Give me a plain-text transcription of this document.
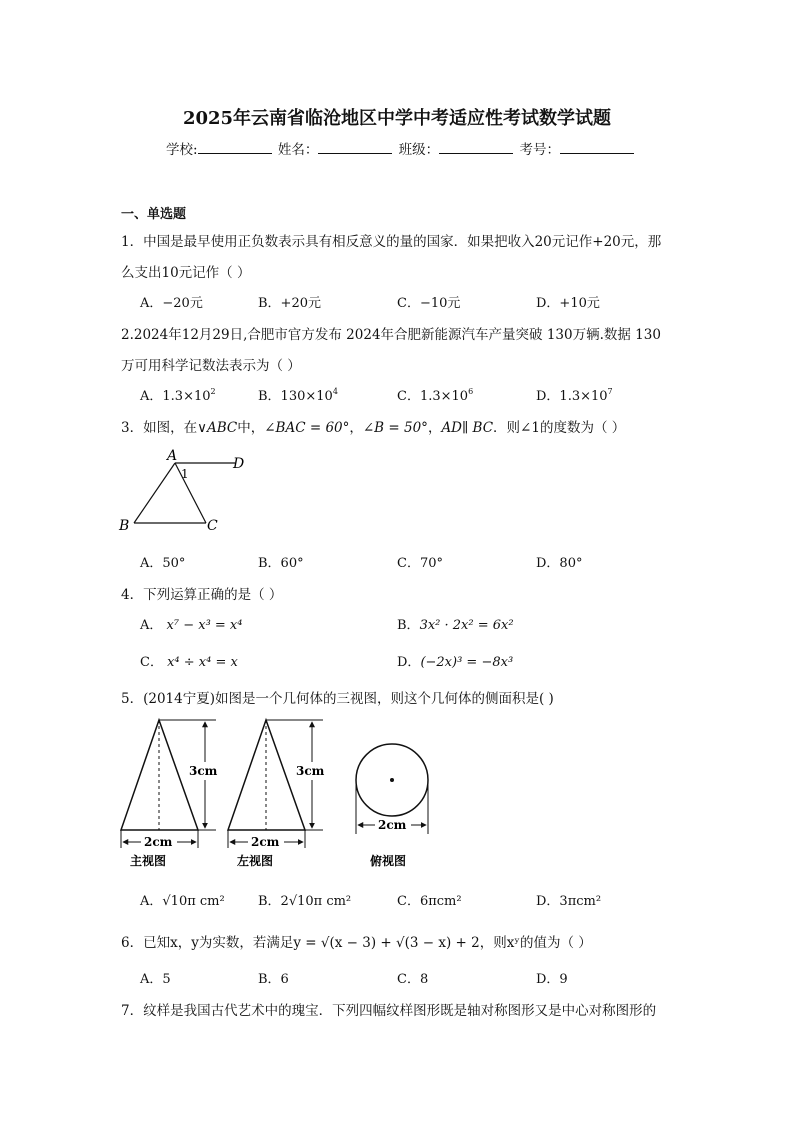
2025年云南省临沧地区中学中考适应性考试数学试题
学校:	姓名：	班级：	考号：
一、单选题
1．中国是最早使用正负数表示具有相反意义的量的国家．如果把收入20元记作+20元，那
么支出10元记作（ ）
A．−20元	B．+20元	C．−10元	D．+10元
2.2024年12月29日,合肥市官方发布 2024年合肥新能源汽车产量突破 130万辆.数据 130
万可用科学记数法表示为（ ）
A．$1.3\times 10^2$	B．$130\times 10^4$	C．$1.3\times 10^6$	D．$1.3\times 10^7$
3．如图，在∨ABC中，∠BAC = 60°，∠B = 50°，AD∥ BC．则∠1的度数为（ ）
A	D
B	C
1
A．50°	B．60°	C．70°	D．80°
4．下列运算正确的是（ ）
A． x⁷ − x³ = x⁴	B．3x² · 2x² = 6x²
C． x⁴ ÷ x⁴ = x	D．(−2x)³ = −8x³
5．(2014宁夏)如图是一个几何体的三视图，则这个几何体的侧面积是( )
3cm
2cm
主视图
3cm
2cm
左视图
2cm
俯视图
A．√10π cm²	B．2√10π cm²	C．6πcm²	D．3πcm²
6．已知x，y为实数，若满足y = √(x − 3) + √(3 − x) + 2，则xʸ的值为（ ）
A．5	B．6	C．8	D．9
7．纹样是我国古代艺术中的瑰宝．下列四幅纹样图形既是轴对称图形又是中心对称图形的
